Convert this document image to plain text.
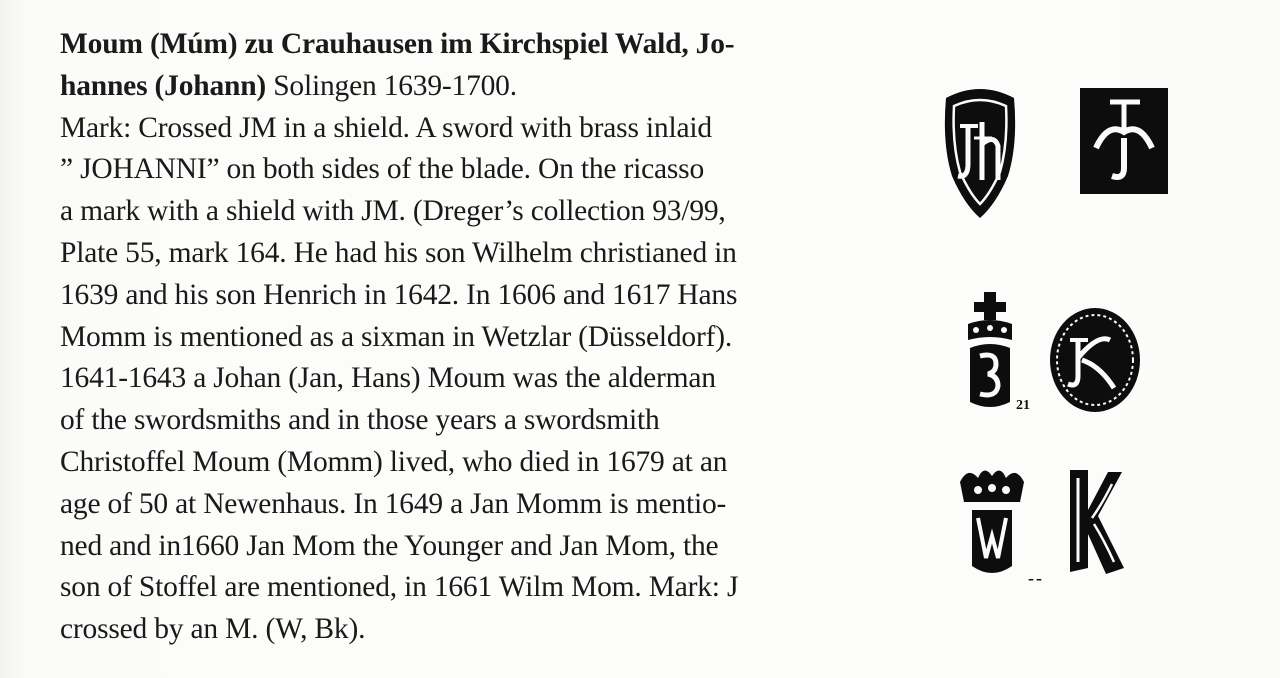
Moum (Múm) zu Crauhausen im Kirchspiel Wald, Jo-
hannes (Johann) Solingen 1639-1700.
Mark: Crossed JM in a shield. A sword with brass inlaid
” JOHANNI” on both sides of the blade. On the ricasso
a mark with a shield with JM. (Dreger’s collection 93/99,
Plate 55, mark 164. He had his son Wilhelm christianed in
1639 and his son Henrich in 1642. In 1606 and 1617 Hans
Momm is mentioned as a sixman in Wetzlar (Düsseldorf).
1641-1643 a Johan (Jan, Hans) Moum was the alderman
of the swordsmiths and in those years a swordsmith
Christoffel Moum (Momm) lived, who died in 1679 at an
age of 50 at Newenhaus. In 1649 a Jan Momm is mentio-
ned and in1660 Jan Mom the Younger and Jan Mom, the
son of Stoffel are mentioned, in 1661 Wilm Mom. Mark: J
crossed by an M. (W, Bk).
21
--
